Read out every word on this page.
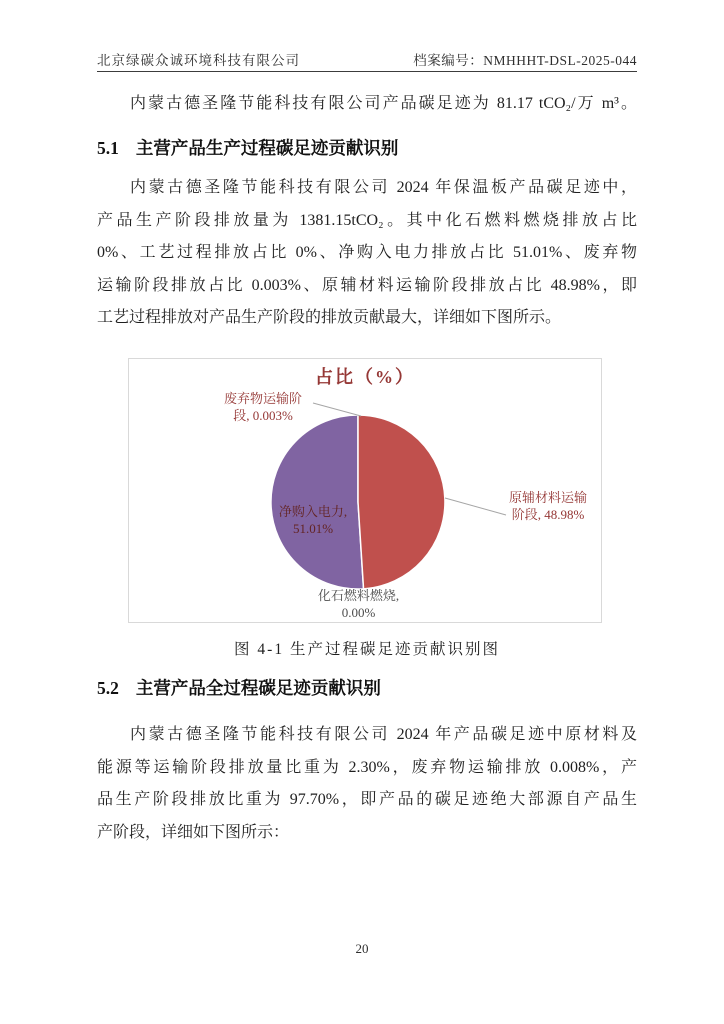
北京绿碳众诚环境科技有限公司	档案编号：NMHHHT-DSL-2025-044
内蒙古德圣隆节能科技有限公司产品碳足迹为 81.17 tCO₂/万 m³。
5.1 主营产品生产过程碳足迹贡献识别
内蒙古德圣隆节能科技有限公司 2024 年保温板产品碳足迹中，
产品生产阶段排放量为 1381.15tCO₂。其中化石燃料燃烧排放占比
0%、工艺过程排放占比 0%、净购入电力排放占比 51.01%、废弃物
运输阶段排放占比 0.003%、原辅材料运输阶段排放占比 48.98%，即
工艺过程排放对产品生产阶段的排放贡献最大，详细如下图所示。
占比（%）
废弃物运输阶
段, 0.003%
净购入电力,
51.01%
原辅材料运输
阶段, 48.98%
化石燃料燃烧,
0.00%
图 4-1 生产过程碳足迹贡献识别图
5.2 主营产品全过程碳足迹贡献识别
内蒙古德圣隆节能科技有限公司 2024 年产品碳足迹中原材料及
能源等运输阶段排放量比重为 2.30%，废弃物运输排放 0.008%，产
品生产阶段排放比重为 97.70%，即产品的碳足迹绝大部源自产品生
产阶段，详细如下图所示：
20
